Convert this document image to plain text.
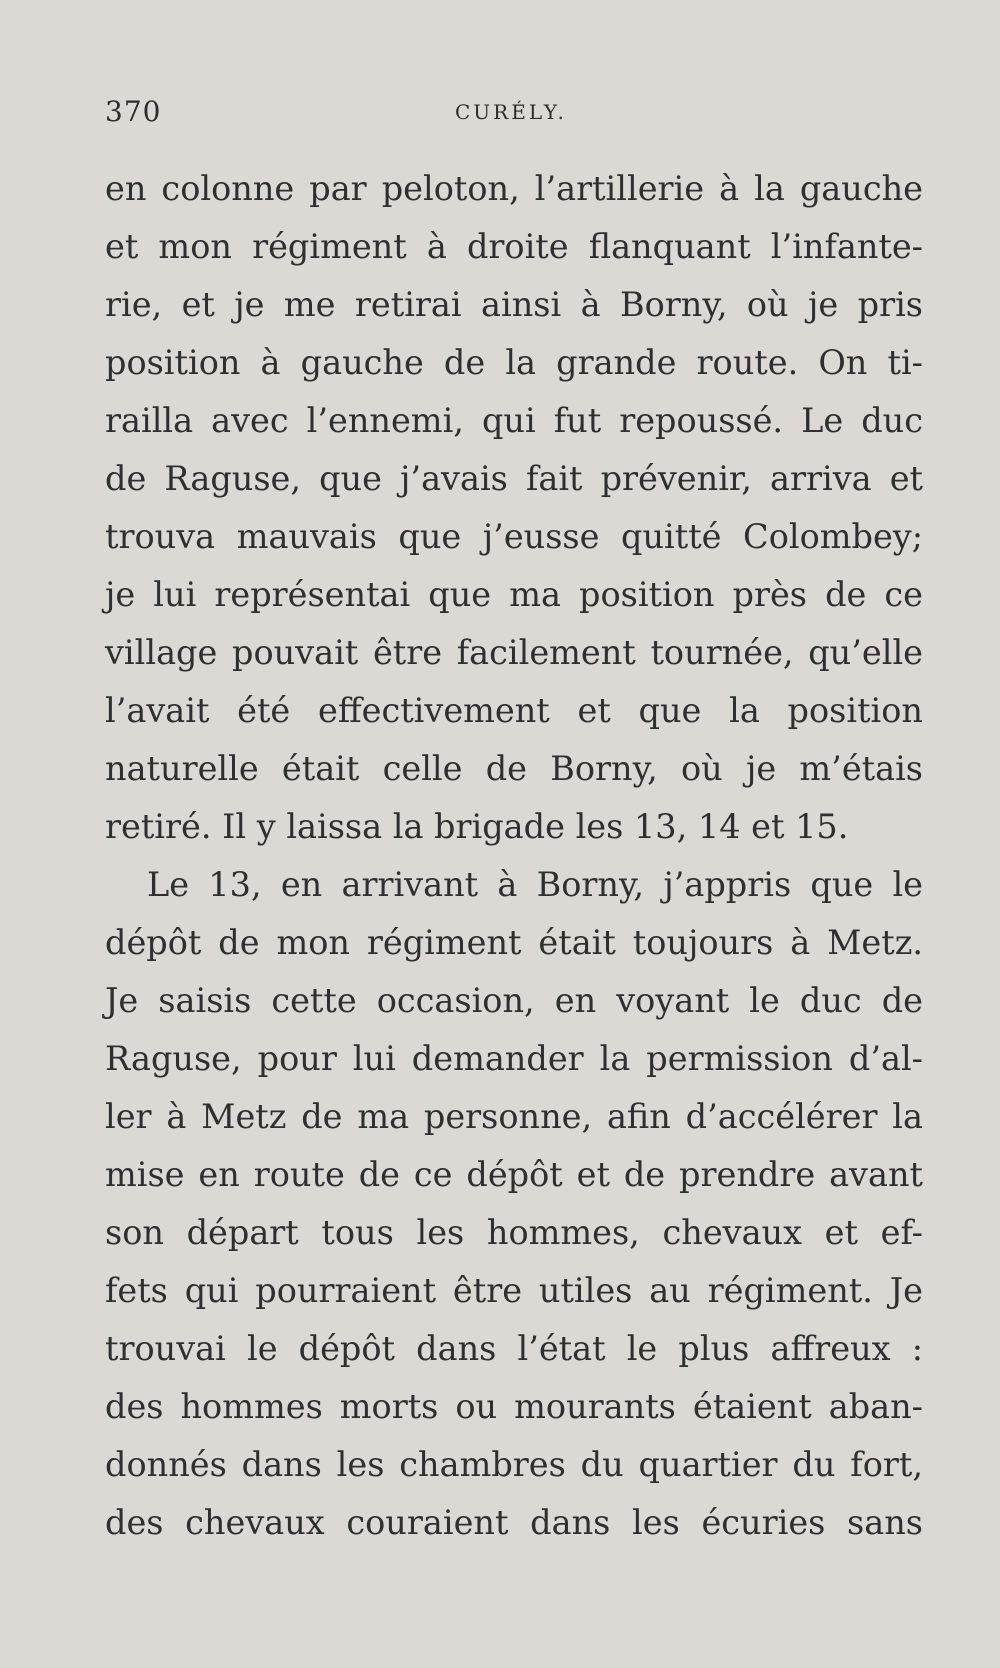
370	CURÉLY.
en colonne par peloton, l’artillerie à la gauche
et mon régiment à droite flanquant l’infante-
rie, et je me retirai ainsi à Borny, où je pris
position à gauche de la grande route. On ti-
railla avec l’ennemi, qui fut repoussé. Le duc
de Raguse, que j’avais fait prévenir, arriva et
trouva mauvais que j’eusse quitté Colombey;
je lui représentai que ma position près de ce
village pouvait être facilement tournée, qu’elle
l’avait été effectivement et que la position
naturelle était celle de Borny, où je m’étais
retiré. Il y laissa la brigade les 13, 14 et 15.
Le 13, en arrivant à Borny, j’appris que le
dépôt de mon régiment était toujours à Metz.
Je saisis cette occasion, en voyant le duc de
Raguse, pour lui demander la permission d’al-
ler à Metz de ma personne, afin d’accélérer la
mise en route de ce dépôt et de prendre avant
son départ tous les hommes, chevaux et ef-
fets qui pourraient être utiles au régiment. Je
trouvai le dépôt dans l’état le plus affreux :
des hommes morts ou mourants étaient aban-
donnés dans les chambres du quartier du fort,
des chevaux couraient dans les écuries sans
